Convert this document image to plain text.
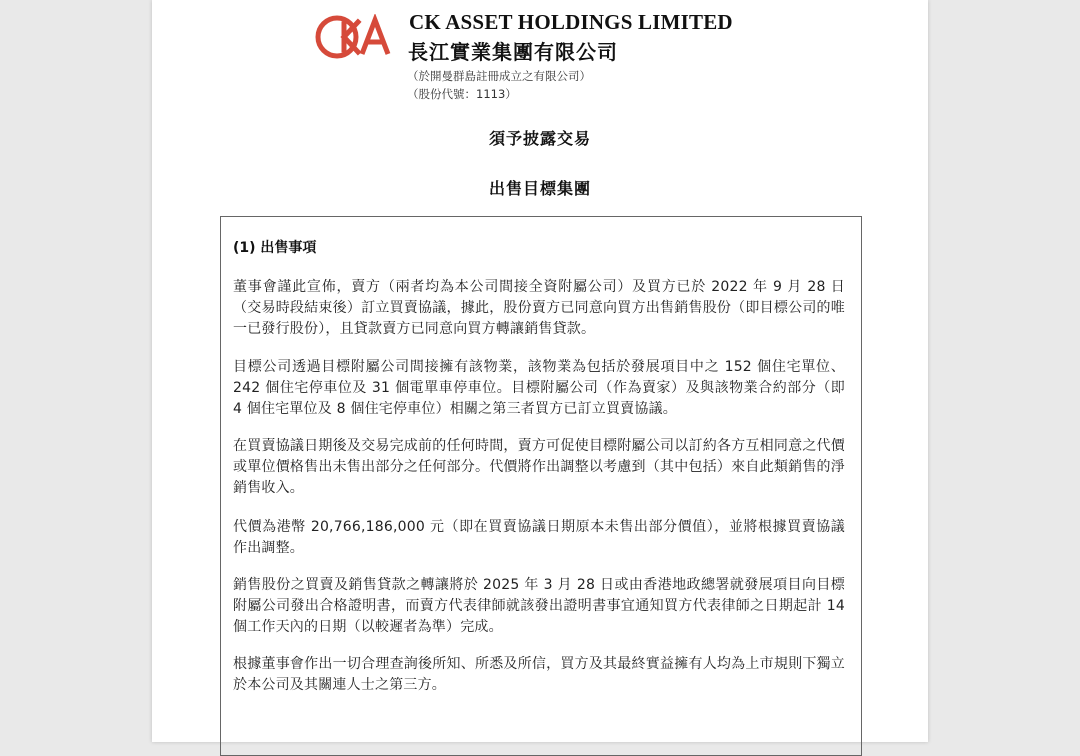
CK ASSET HOLDINGS LIMITED
長江實業集團有限公司
（於開曼群島註冊成立之有限公司）
（股份代號：1113）
須予披露交易
出售目標集團
(1) 出售事項
董事會謹此宣佈，賣方（兩者均為本公司間接全資附屬公司）及買方已於 2022 年 9 月 28 日（交易時段結束後）訂立買賣協議，據此，股份賣方已同意向買方出售銷售股份（即目標公司的唯一已發行股份），且貸款賣方已同意向買方轉讓銷售貸款。
目標公司透過目標附屬公司間接擁有該物業，該物業為包括於發展項目中之 152 個住宅單位、242 個住宅停車位及 31 個電單車停車位。目標附屬公司（作為賣家）及與該物業合約部分（即 4 個住宅單位及 8 個住宅停車位）相關之第三者買方已訂立買賣協議。
在買賣協議日期後及交易完成前的任何時間，賣方可促使目標附屬公司以訂約各方互相同意之代價或單位價格售出未售出部分之任何部分。代價將作出調整以考慮到（其中包括）來自此類銷售的淨銷售收入。
代價為港幣 20,766,186,000 元（即在買賣協議日期原本未售出部分價值），並將根據買賣協議作出調整。
銷售股份之買賣及銷售貸款之轉讓將於 2025 年 3 月 28 日或由香港地政總署就發展項目向目標附屬公司發出合格證明書，而賣方代表律師就該發出證明書事宜通知買方代表律師之日期起計 14 個工作天內的日期（以較遲者為準）完成。
根據董事會作出一切合理查詢後所知、所悉及所信，買方及其最終實益擁有人均為上市規則下獨立於本公司及其關連人士之第三方。
